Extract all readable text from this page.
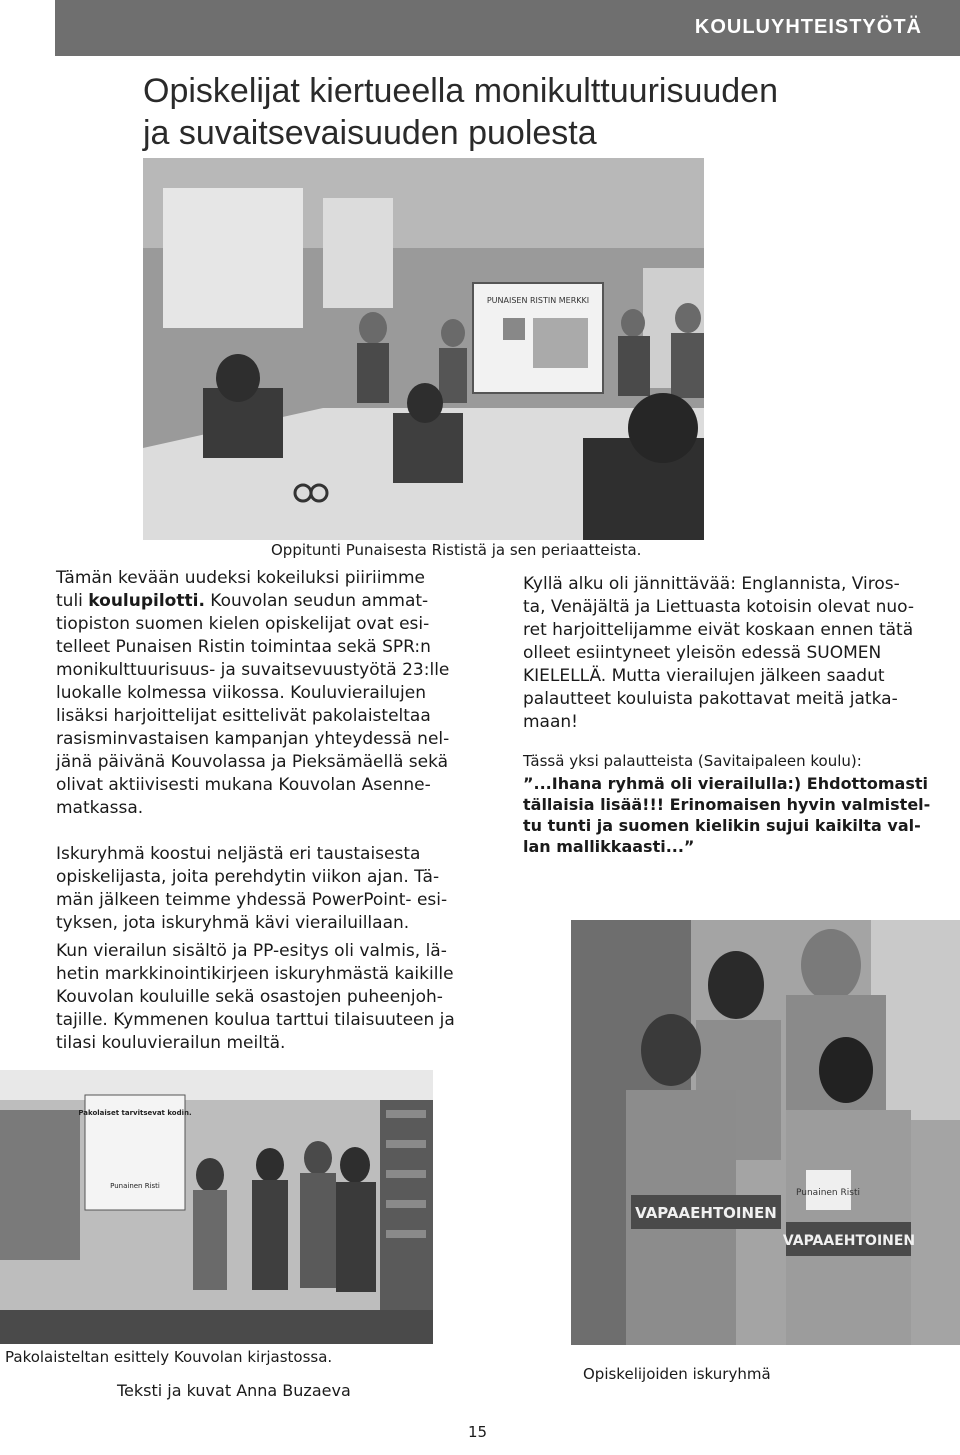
KOULUYHTEISTYÖTÄ
Opiskelijat kiertueella monikulttuurisuuden
ja suvaitsevaisuuden puolesta
PUNAISEN RISTIN MERKKI
Oppitunti Punaisesta Rististä ja sen periaatteista.
Tämän kevään uudeksi kokeiluksi piiriimme
tuli koulupilotti. Kouvolan seudun ammat-
tiopiston suomen kielen opiskelijat ovat esi-
telleet Punaisen Ristin toimintaa sekä SPR:n
monikulttuurisuus- ja suvaitsevuustyötä 23:lle
luokalle kolmessa viikossa. Kouluvierailujen
lisäksi harjoittelijat esittelivät pakolaisteltaa
rasisminvastaisen kampanjan yhteydessä nel-
jänä päivänä Kouvolassa ja Pieksämäellä sekä
olivat aktiivisesti mukana Kouvolan Asenne-
matkassa.
Iskuryhmä koostui neljästä eri taustaisesta
opiskelijasta, joita perehdytin viikon ajan. Tä-
män jälkeen teimme yhdessä PowerPoint- esi-
tyksen, jota iskuryhmä kävi vierailuillaan.
Kyllä alku oli jännittävää: Englannista, Viros-
ta, Venäjältä ja Liettuasta kotoisin olevat nuo-
ret harjoittelijamme eivät koskaan ennen tätä
olleet esiintyneet yleisön edessä SUOMEN
KIELELLÄ. Mutta vierailujen jälkeen saadut
palautteet kouluista pakottavat meitä jatka-
maan!
Tässä yksi palautteista (Savitaipaleen koulu):
”...Ihana ryhmä oli vierailulla:) Ehdottomasti
tällaisia lisää!!! Erinomaisen hyvin valmistel-
tu tunti ja suomen kielikin sujui kaikilta val-
lan mallikkaasti...”
Kun vierailun sisältö ja PP-esitys oli valmis, lä-
hetin markkinointikirjeen iskuryhmästä kaikille
Kouvolan kouluille sekä osastojen puheenjoh-
tajille. Kymmenen koulua tarttui tilaisuuteen ja
tilasi kouluvierailun meiltä.
Punainen Risti
VAPAAEHTOINEN
VAPAAEHTOINEN
Opiskelijoiden iskuryhmä
Pakolaiset tarvitsevat kodin.
Punainen Risti
Pakolaisteltan esittely Kouvolan kirjastossa.
Teksti ja kuvat Anna Buzaeva
15
